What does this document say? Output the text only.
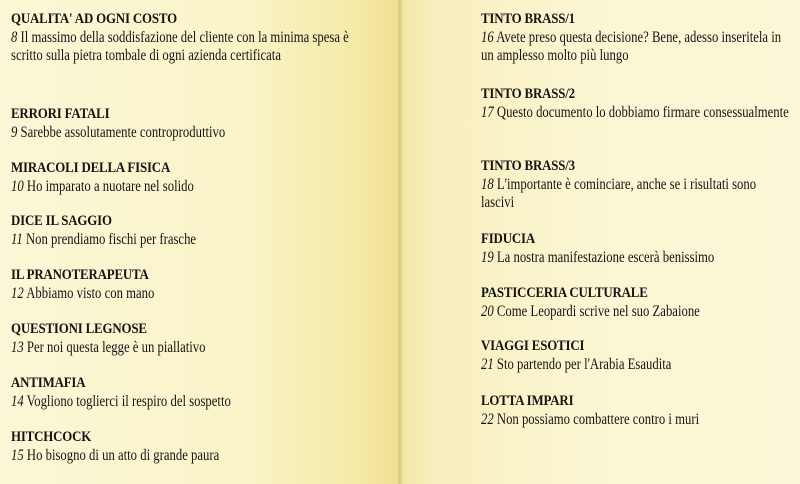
QUALITA' AD OGNI COSTO
8 Il massimo della soddisfazione del cliente con la minima spesa è scritto sulla pietra tombale di ogni azienda certificata
ERRORI FATALI
9 Sarebbe assolutamente controproduttivo
MIRACOLI DELLA FISICA
10 Ho imparato a nuotare nel solido
DICE IL SAGGIO
11 Non prendiamo fischi per frasche
IL PRANOTERAPEUTA
12 Abbiamo visto con mano
QUESTIONI LEGNOSE
13 Per noi questa legge è un piallativo
ANTIMAFIA
14 Vogliono toglierci il respiro del sospetto
HITCHCOCK
15 Ho bisogno di un atto di grande paura
TINTO BRASS/1
16 Avete preso questa decisione? Bene, adesso inseritela in un amplesso molto più lungo
TINTO BRASS/2
17 Questo documento lo dobbiamo firmare consessualmente
TINTO BRASS/3
18 L'importante è cominciare, anche se i risultati sono lascivi
FIDUCIA
19 La nostra manifestazione escerà benissimo
PASTICCERIA CULTURALE
20 Come Leopardi scrive nel suo Zabaione
VIAGGI ESOTICI
21 Sto partendo per l'Arabia Esaudita
LOTTA IMPARI
22 Non possiamo combattere contro i muri
